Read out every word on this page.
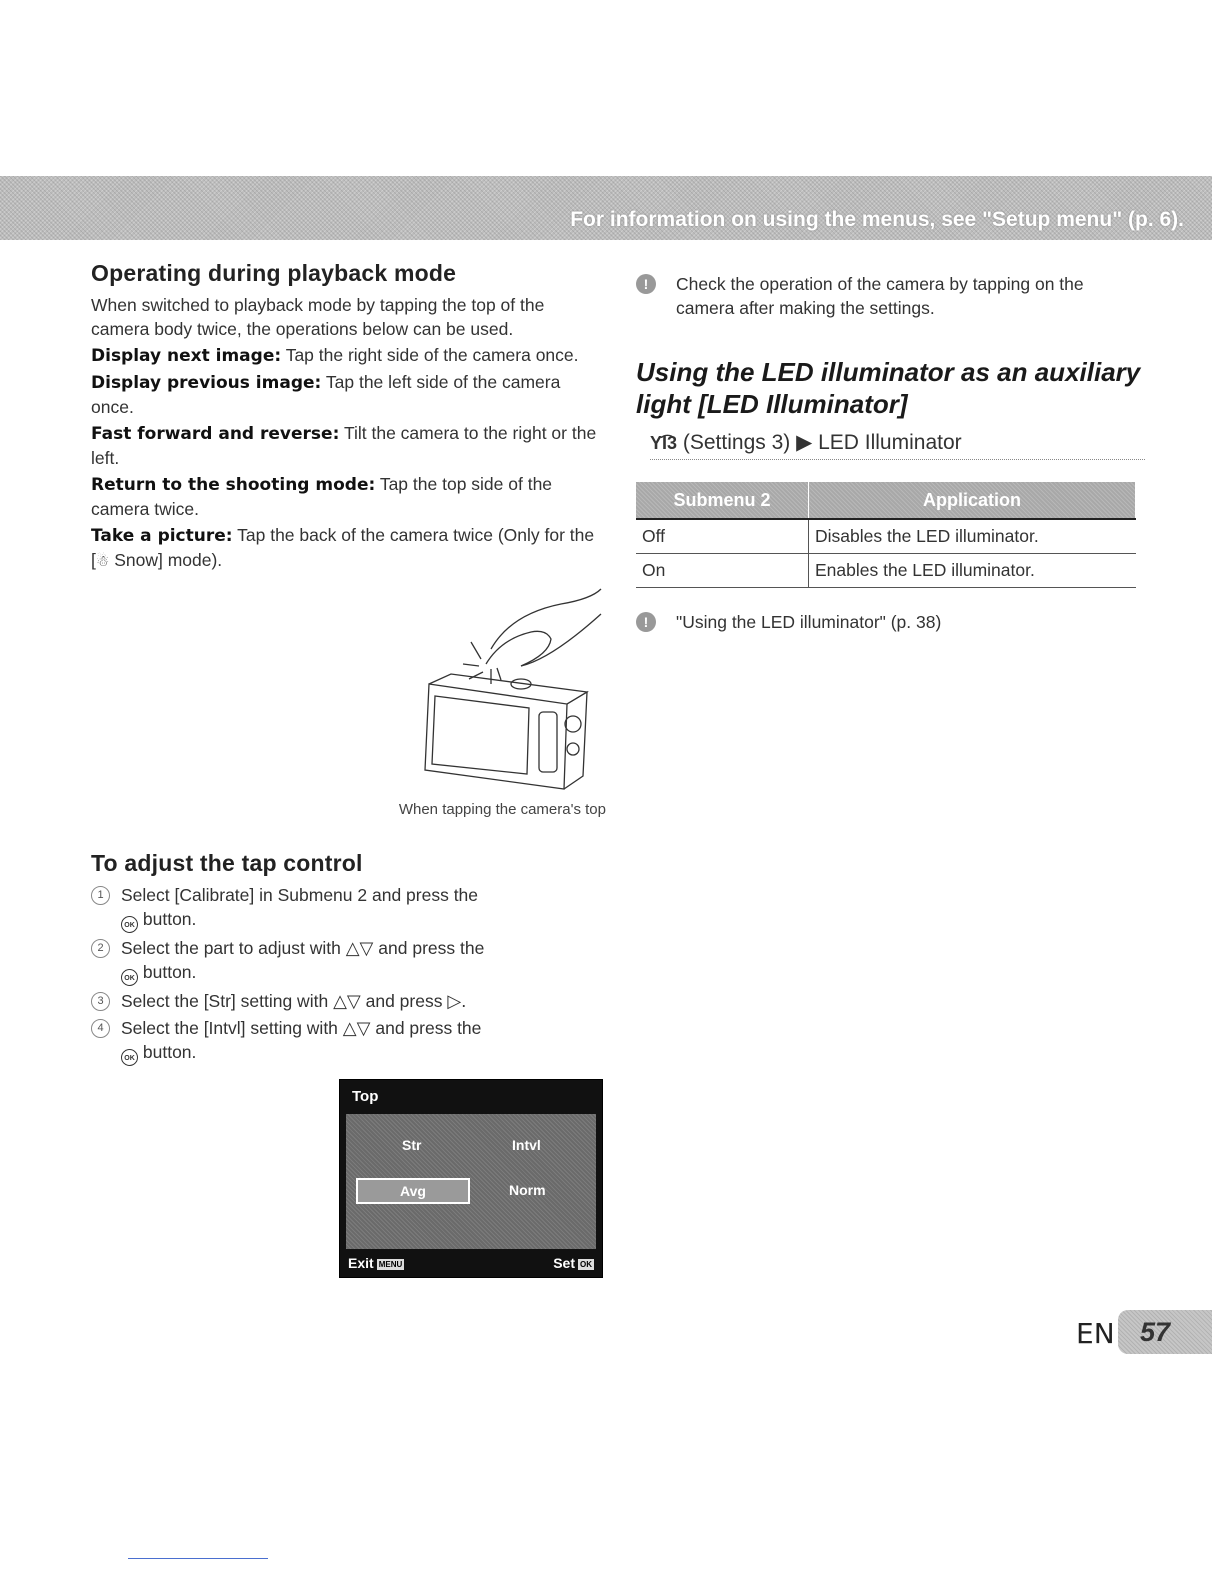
For information on using the menus, see "Setup menu" (p. 6).
Operating during playback mode

When switched to playback mode by tapping the top of the camera body twice, the operations below can be used.

Display next image: Tap the right side of the camera once.
Display previous image: Tap the left side of the camera once.
Fast forward and reverse: Tilt the camera to the right or the left.
Return to the shooting mode: Tap the top side of the camera twice.
Take a picture: Tap the back of the camera twice (Only for the [☃ Snow] mode).
When tapping the camera's top
To adjust the tap control
1 Select [Calibrate] in Submenu 2 and press the
OK button.
2 Select the part to adjust with △▽ and press the
OK button.
3 Select the [Str] setting with △▽ and press ▷.
4 Select the [Intvl] setting with △▽ and press the
OK button.
Top
Str	Intvl
Avg	Norm
Exit MENU	Set OK
!	Check the operation of the camera by tapping on the camera after making the settings.
Using the LED illuminator as an auxiliary light [LED Illuminator]
Υ͡Ι3 (Settings 3) ▶ LED Illuminator
Submenu 2	Application
Off	Disables the LED illuminator.
On	Enables the LED illuminator.
!	"Using the LED illuminator" (p. 38)
EN 57
